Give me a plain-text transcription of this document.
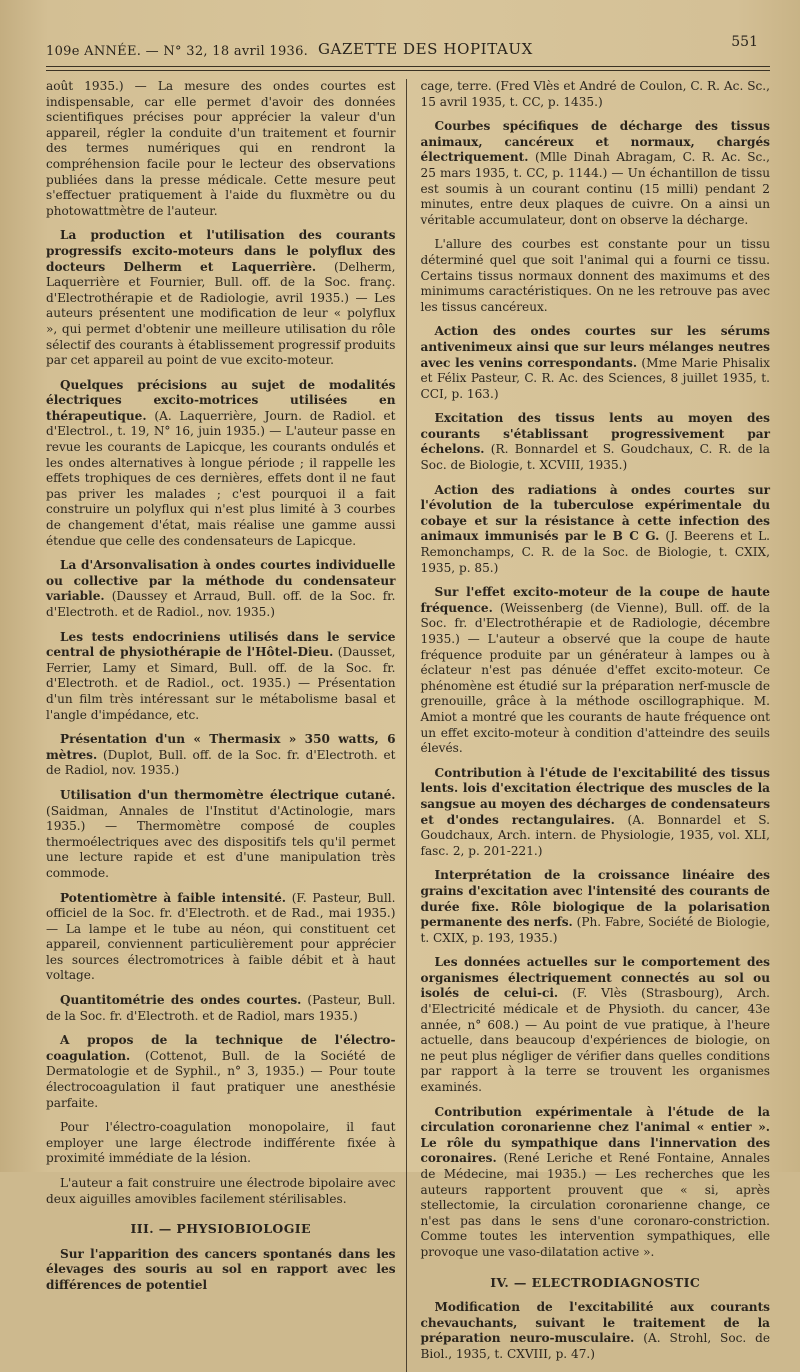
109e ANNÉE. — N° 32, 18 avril 1936. GAZETTE DES HOPITAUX	551

août 1935.) — La mesure des ondes courtes est indispensable, car elle permet d'avoir des données scientifiques précises pour apprécier la valeur d'un appareil, régler la conduite d'un traitement et fournir des termes numériques qui en rendront la compréhension facile pour le lecteur des observations publiées dans la presse médicale. Cette mesure peut s'effectuer pratiquement à l'aide du fluxmètre ou du photowattmètre de l'auteur.

La production et l'utilisation des courants progressifs excito-moteurs dans le polyflux des docteurs Delherm et Laquerrière. (Delherm, Laquerrière et Fournier, Bull. off. de la Soc. franç. d'Electrothérapie et de Radiologie, avril 1935.) — Les auteurs présentent une modification de leur « polyflux », qui permet d'obtenir une meilleure utilisation du rôle sélectif des courants à établissement progressif produits par cet appareil au point de vue excito-moteur.

Quelques précisions au sujet de modalités électriques excito-motrices utilisées en thérapeutique. (A. Laquerrière, Journ. de Radiol. et d'Electrol., t. 19, N° 16, juin 1935.) — L'auteur passe en revue les courants de Lapicque, les courants ondulés et les ondes alternatives à longue période ; il rappelle les effets trophiques de ces dernières, effets dont il ne faut pas priver les malades ; c'est pourquoi il a fait construire un polyflux qui n'est plus limité à 3 courbes de changement d'état, mais réalise une gamme aussi étendue que celle des condensateurs de Lapicque.

La d'Arsonvalisation à ondes courtes individuelle ou collective par la méthode du condensateur variable. (Daussey et Arraud, Bull. off. de la Soc. fr. d'Electroth. et de Radiol., nov. 1935.)

Les tests endocriniens utilisés dans le service central de physiothérapie de l'Hôtel-Dieu. (Dausset, Ferrier, Lamy et Simard, Bull. off. de la Soc. fr. d'Electroth. et de Radiol., oct. 1935.) — Présentation d'un film très intéressant sur le métabolisme basal et l'angle d'impédance, etc.

Présentation d'un « Thermasix » 350 watts, 6 mètres. (Duplot, Bull. off. de la Soc. fr. d'Electroth. et de Radiol, nov. 1935.)

Utilisation d'un thermomètre électrique cutané. (Saidman, Annales de l'Institut d'Actinologie, mars 1935.) — Thermomètre composé de couples thermoélectriques avec des dispositifs tels qu'il permet une lecture rapide et est d'une manipulation très commode.

Potentiomètre à faible intensité. (F. Pasteur, Bull. officiel de la Soc. fr. d'Electroth. et de Rad., mai 1935.) — La lampe et le tube au néon, qui constituent cet appareil, conviennent particulièrement pour apprécier les sources électromotrices à faible débit et à haut voltage.

Quantitométrie des ondes courtes. (Pasteur, Bull. de la Soc. fr. d'Electroth. et de Radiol, mars 1935.)

A propos de la technique de l'électro-coagulation. (Cottenot, Bull. de la Société de Dermatologie et de Syphil., n° 3, 1935.) — Pour toute électrocoagulation il faut pratiquer une anesthésie parfaite.

Pour l'électro-coagulation monopolaire, il faut employer une large électrode indifférente fixée à proximité immédiate de la lésion.

L'auteur a fait construire une électrode bipolaire avec deux aiguilles amovibles facilement stérilisables.

III. — PHYSIOBIOLOGIE

Sur l'apparition des cancers spontanés dans les élevages des souris au sol en rapport avec les différences de potentiel

cage, terre. (Fred Vlès et André de Coulon, C. R. Ac. Sc., 15 avril 1935, t. CC, p. 1435.)

Courbes spécifiques de décharge des tissus animaux, cancéreux et normaux, chargés électriquement. (Mlle Dinah Abragam, C. R. Ac. Sc., 25 mars 1935, t. CC, p. 1144.) — Un échantillon de tissu est soumis à un courant continu (15 milli) pendant 2 minutes, entre deux plaques de cuivre. On a ainsi un véritable accumulateur, dont on observe la décharge.

L'allure des courbes est constante pour un tissu déterminé quel que soit l'animal qui a fourni ce tissu. Certains tissus normaux donnent des maximums et des minimums caractéristiques. On ne les retrouve pas avec les tissus cancéreux.

Action des ondes courtes sur les sérums antivenimeux ainsi que sur leurs mélanges neutres avec les venins correspondants. (Mme Marie Phisalix et Félix Pasteur, C. R. Ac. des Sciences, 8 juillet 1935, t. CCI, p. 163.)

Excitation des tissus lents au moyen des courants s'établissant progressivement par échelons. (R. Bonnardel et S. Goudchaux, C. R. de la Soc. de Biologie, t. XCVIII, 1935.)

Action des radiations à ondes courtes sur l'évolution de la tuberculose expérimentale du cobaye et sur la résistance à cette infection des animaux immunisés par le B C G. (J. Beerens et L. Remonchamps, C. R. de la Soc. de Biologie, t. CXIX, 1935, p. 85.)

Sur l'effet excito-moteur de la coupe de haute fréquence. (Weissenberg (de Vienne), Bull. off. de la Soc. fr. d'Electrothérapie et de Radiologie, décembre 1935.) — L'auteur a observé que la coupe de haute fréquence produite par un générateur à lampes ou à éclateur n'est pas dénuée d'effet excito-moteur. Ce phénomène est étudié sur la préparation nerf-muscle de grenouille, grâce à la méthode oscillographique. M. Amiot a montré que les courants de haute fréquence ont un effet excito-moteur à condition d'atteindre des seuils élevés.

Contribution à l'étude de l'excitabilité des tissus lents. lois d'excitation électrique des muscles de la sangsue au moyen des décharges de condensateurs et d'ondes rectangulaires. (A. Bonnardel et S. Goudchaux, Arch. intern. de Physiologie, 1935, vol. XLI, fasc. 2, p. 201-221.)

Interprétation de la croissance linéaire des grains d'excitation avec l'intensité des courants de durée fixe. Rôle biologique de la polarisation permanente des nerfs. (Ph. Fabre, Société de Biologie, t. CXIX, p. 193, 1935.)

Les données actuelles sur le comportement des organismes électriquement connectés au sol ou isolés de celui-ci. (F. Vlès (Strasbourg), Arch. d'Electricité médicale et de Physioth. du cancer, 43e année, n° 608.) — Au point de vue pratique, à l'heure actuelle, dans beaucoup d'expériences de biologie, on ne peut plus négliger de vérifier dans quelles conditions par rapport à la terre se trouvent les organismes examinés.

Contribution expérimentale à l'étude de la circulation coronarienne chez l'animal « entier ». Le rôle du sympathique dans l'innervation des coronaires. (René Leriche et René Fontaine, Annales de Médecine, mai 1935.) — Les recherches que les auteurs rapportent prouvent que « si, après stellectomie, la circulation coronarienne change, ce n'est pas dans le sens d'une coronaro-constriction. Comme toutes les intervention sympathiques, elle provoque une vaso-dilatation active ».

IV. — ELECTRODIAGNOSTIC

Modification de l'excitabilité aux courants chevauchants, suivant le traitement de la préparation neuro-musculaire. (A. Strohl, Soc. de Biol., 1935, t. CXVIII, p. 47.)
